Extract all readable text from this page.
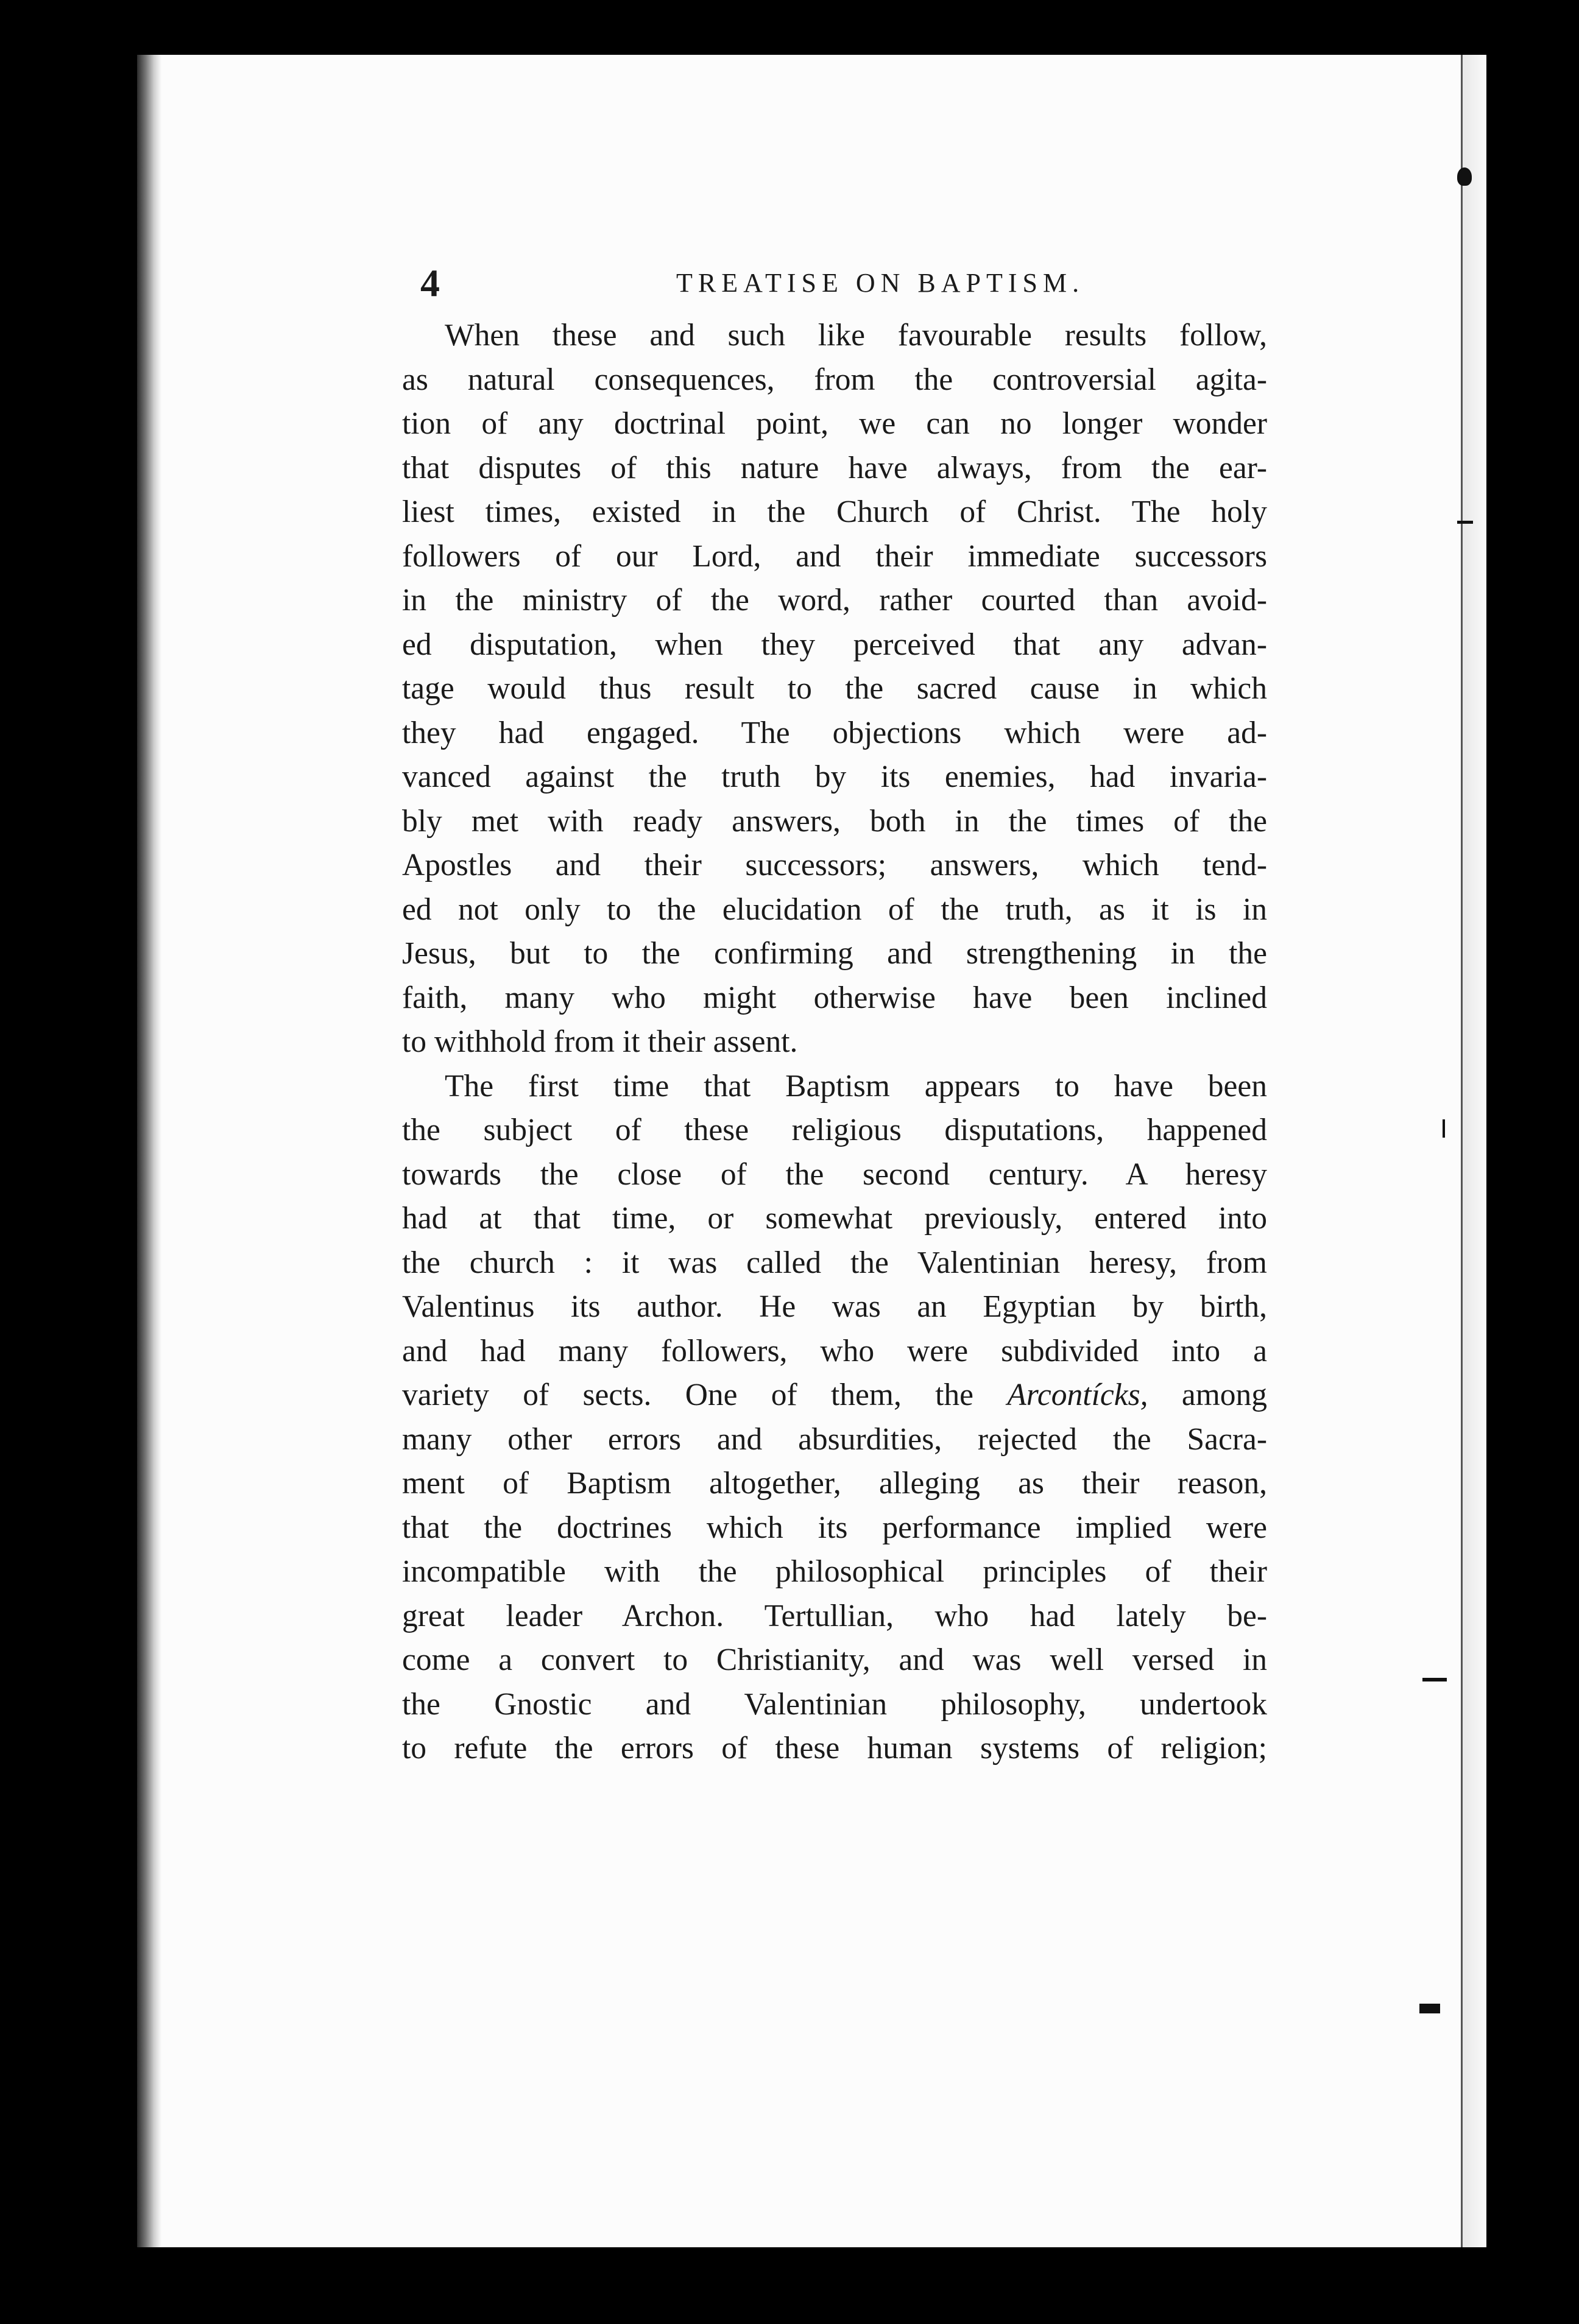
4	TREATISE ON BAPTISM.
When these and such like favourable results follow,
as natural consequences, from the controversial agita-
tion of any doctrinal point, we can no longer wonder
that disputes of this nature have always, from the ear-
liest times, existed in the Church of Christ. The holy
followers of our Lord, and their immediate successors
in the ministry of the word, rather courted than avoid-
ed disputation, when they perceived that any advan-
tage would thus result to the sacred cause in which
they had engaged. The objections which were ad-
vanced against the truth by its enemies, had invaria-
bly met with ready answers, both in the times of the
Apostles and their successors; answers, which tend-
ed not only to the elucidation of the truth, as it is in
Jesus, but to the confirming and strengthening in the
faith, many who might otherwise have been inclined
to withhold from it their assent.
The first time that Baptism appears to have been
the subject of these religious disputations, happened
towards the close of the second century. A heresy
had at that time, or somewhat previously, entered into
the church : it was called the Valentinian heresy, from
Valentinus its author. He was an Egyptian by birth,
and had many followers, who were subdivided into a
variety of sects. One of them, the Arcontícks, among
many other errors and absurdities, rejected the Sacra-
ment of Baptism altogether, alleging as their reason,
that the doctrines which its performance implied were
incompatible with the philosophical principles of their
great leader Archon. Tertullian, who had lately be-
come a convert to Christianity, and was well versed in
the Gnostic and Valentinian philosophy, undertook
to refute the errors of these human systems of religion;
